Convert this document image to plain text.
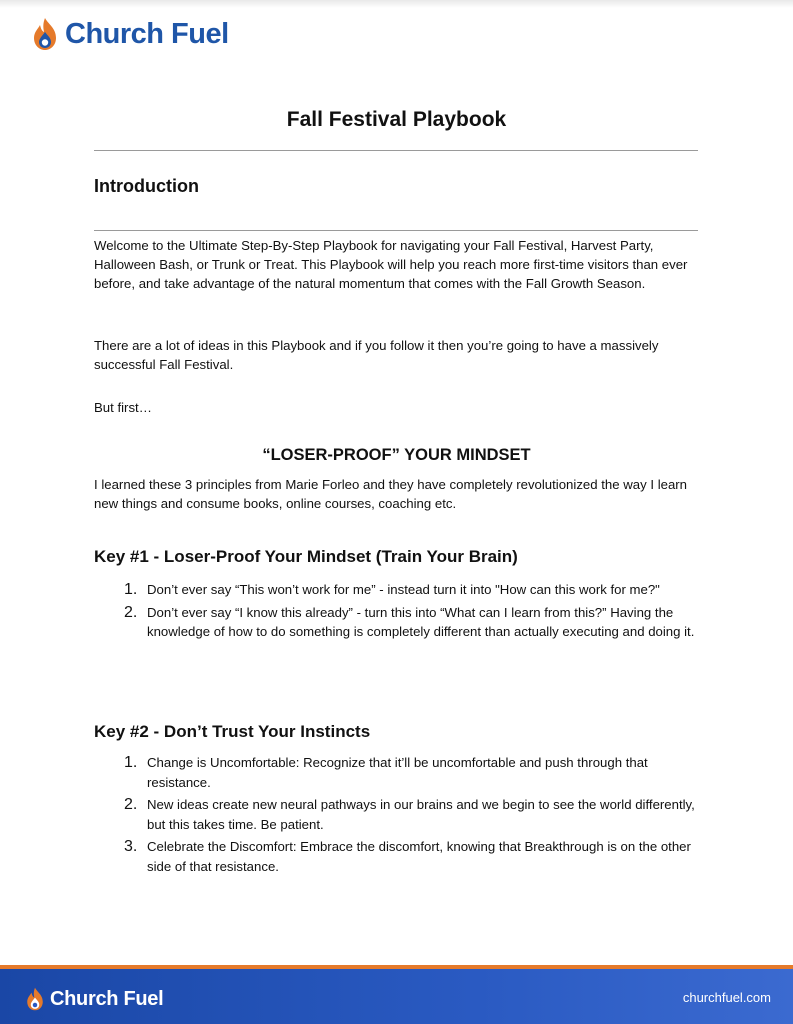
Church Fuel
Fall Festival Playbook
Introduction

Welcome to the Ultimate Step-By-Step Playbook for navigating your Fall Festival, Harvest Party, Halloween Bash, or Trunk or Treat. This Playbook will help you reach more first-time visitors than ever before, and take advantage of the natural momentum that comes with the Fall Growth Season.

There are a lot of ideas in this Playbook and if you follow it then you’re going to have a massively successful Fall Festival.

But first…

“LOSER-PROOF” YOUR MINDSET

I learned these 3 principles from Marie Forleo and they have completely revolutionized the way I learn new things and consume books, online courses, coaching etc.

Key #1 - Loser-Proof Your Mindset (Train Your Brain)
1. Don’t ever say “This won’t work for me” - instead turn it into "How can this work for me?"
2. Don’t ever say “I know this already” - turn this into “What can I learn from this?” Having the knowledge of how to do something is completely different than actually executing and doing it.
Key #2 - Don’t Trust Your Instincts
1. Change is Uncomfortable: Recognize that it’ll be uncomfortable and push through that resistance.
2. New ideas create new neural pathways in our brains and we begin to see the world differently, but this takes time. Be patient.
3. Celebrate the Discomfort: Embrace the discomfort, knowing that Breakthrough is on the other side of that resistance.
Church Fuel	churchfuel.com
